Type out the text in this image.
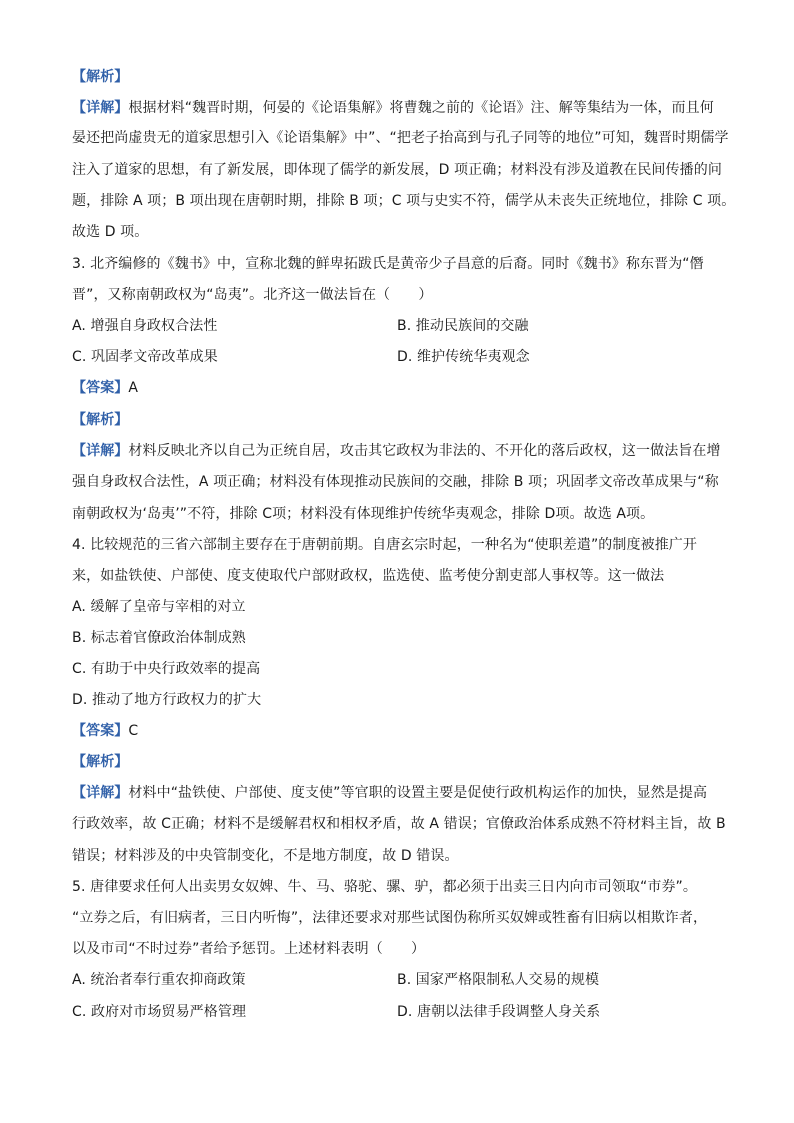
【解析】
【详解】根据材料“魏晋时期，何晏的《论语集解》将曹魏之前的《论语》注、解等集结为一体，而且何
晏还把尚虚贵无的道家思想引入《论语集解》中”、“把老子抬高到与孔子同等的地位”可知，魏晋时期儒学
注入了道家的思想，有了新发展，即体现了儒学的新发展，D 项正确；材料没有涉及道教在民间传播的问
题，排除 A 项；B 项出现在唐朝时期，排除 B 项；C 项与史实不符，儒学从未丧失正统地位，排除 C 项。
故选 D 项。
3. 北齐编修的《魏书》中，宣称北魏的鲜卑拓跋氏是黄帝少子昌意的后裔。同时《魏书》称东晋为“僭
晋”，又称南朝政权为“岛夷”。北齐这一做法旨在（　　）
A. 增强自身政权合法性	B. 推动民族间的交融
C. 巩固孝文帝改革成果	D. 维护传统华夷观念
【答案】A
【解析】
【详解】材料反映北齐以自己为正统自居，攻击其它政权为非法的、不开化的落后政权，这一做法旨在增
强自身政权合法性，A 项正确；材料没有体现推动民族间的交融，排除 B 项；巩固孝文帝改革成果与“称
南朝政权为‘岛夷’”不符，排除 C项；材料没有体现维护传统华夷观念，排除 D项。故选 A项。
4. 比较规范的三省六部制主要存在于唐朝前期。自唐玄宗时起，一种名为“使职差遣”的制度被推广开
来，如盐铁使、户部使、度支使取代户部财政权，监选使、监考使分割吏部人事权等。这一做法
A. 缓解了皇帝与宰相的对立
B. 标志着官僚政治体制成熟
C. 有助于中央行政效率的提高
D. 推动了地方行政权力的扩大
【答案】C
【解析】
【详解】材料中“盐铁使、户部使、度支使”等官职的设置主要是促使行政机构运作的加快，显然是提高
行政效率，故 C正确；材料不是缓解君权和相权矛盾，故 A 错误；官僚政治体系成熟不符材料主旨，故 B
错误；材料涉及的中央管制变化，不是地方制度，故 D 错误。
5. 唐律要求任何人出卖男女奴婢、牛、马、骆驼、骡、驴，都必须于出卖三日内向市司领取“市券”。
“立券之后，有旧病者，三日内听悔”，法律还要求对那些试图伪称所买奴婢或牲畜有旧病以相欺诈者，
以及市司“不时过券”者给予惩罚。上述材料表明（　　）
A. 统治者奉行重农抑商政策	B. 国家严格限制私人交易的规模
C. 政府对市场贸易严格管理	D. 唐朝以法律手段调整人身关系
